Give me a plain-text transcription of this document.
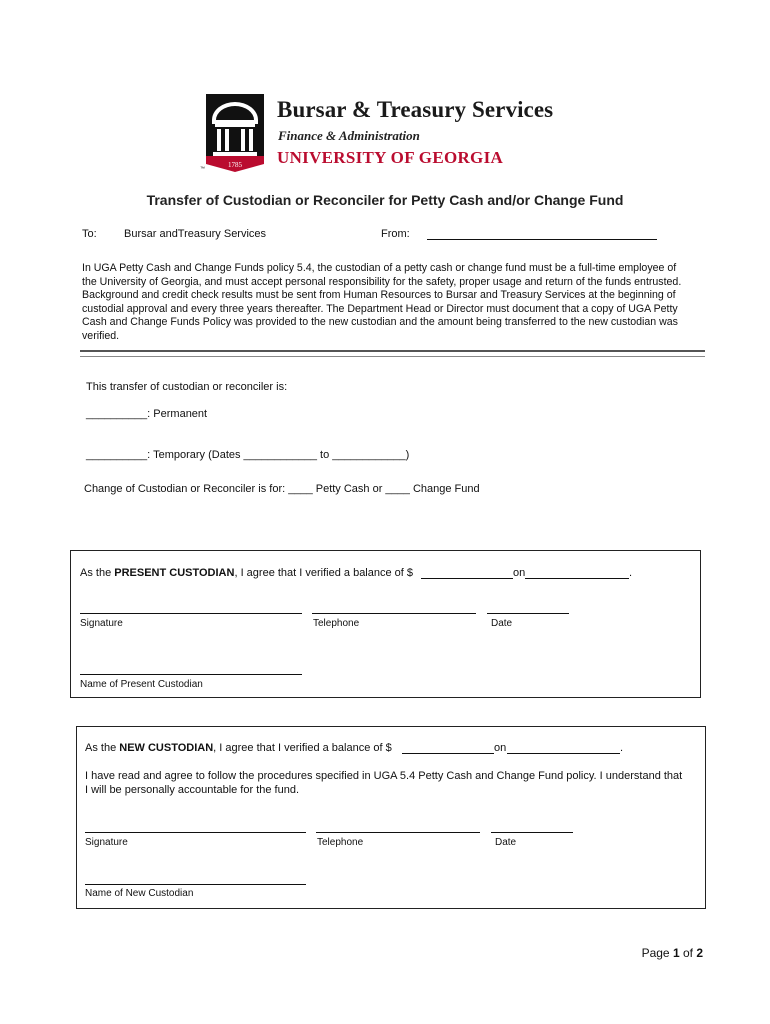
1785
™
Bursar & Treasury Services
Finance & Administration
UNIVERSITY OF GEORGIA
Transfer of Custodian or Reconciler for Petty Cash and/or Change Fund
To: Bursar andTreasury Services	From:
In UGA Petty Cash and Change Funds policy 5.4, the custodian of a petty cash or change fund must be a full-time employee of the University of Georgia, and must accept personal responsibility for the safety, proper usage and return of the funds entrusted. Background and credit check results must be sent from Human Resources to Bursar and Treasury Services at the beginning of custodial approval and every three years thereafter. The Department Head or Director must document that a copy of UGA Petty Cash and Change Funds Policy was provided to the new custodian and the amount being transferred to the new custodian was verified.
This transfer of custodian or reconciler is:
__________: Permanent
__________: Temporary (Dates ____________ to ____________)
Change of Custodian or Reconciler is for: ____ Petty Cash or ____ Change Fund
As the PRESENT CUSTODIAN, I agree that I verified a balance of $	on	.
Signature	Telephone	Date
Name of Present Custodian
As the NEW CUSTODIAN, I agree that I verified a balance of $	on	.
I have read and agree to follow the procedures specified in UGA 5.4 Petty Cash and Change Fund policy. I understand that I will be personally accountable for the fund.
Signature	Telephone	Date
Name of New Custodian
Page 1 of 2
